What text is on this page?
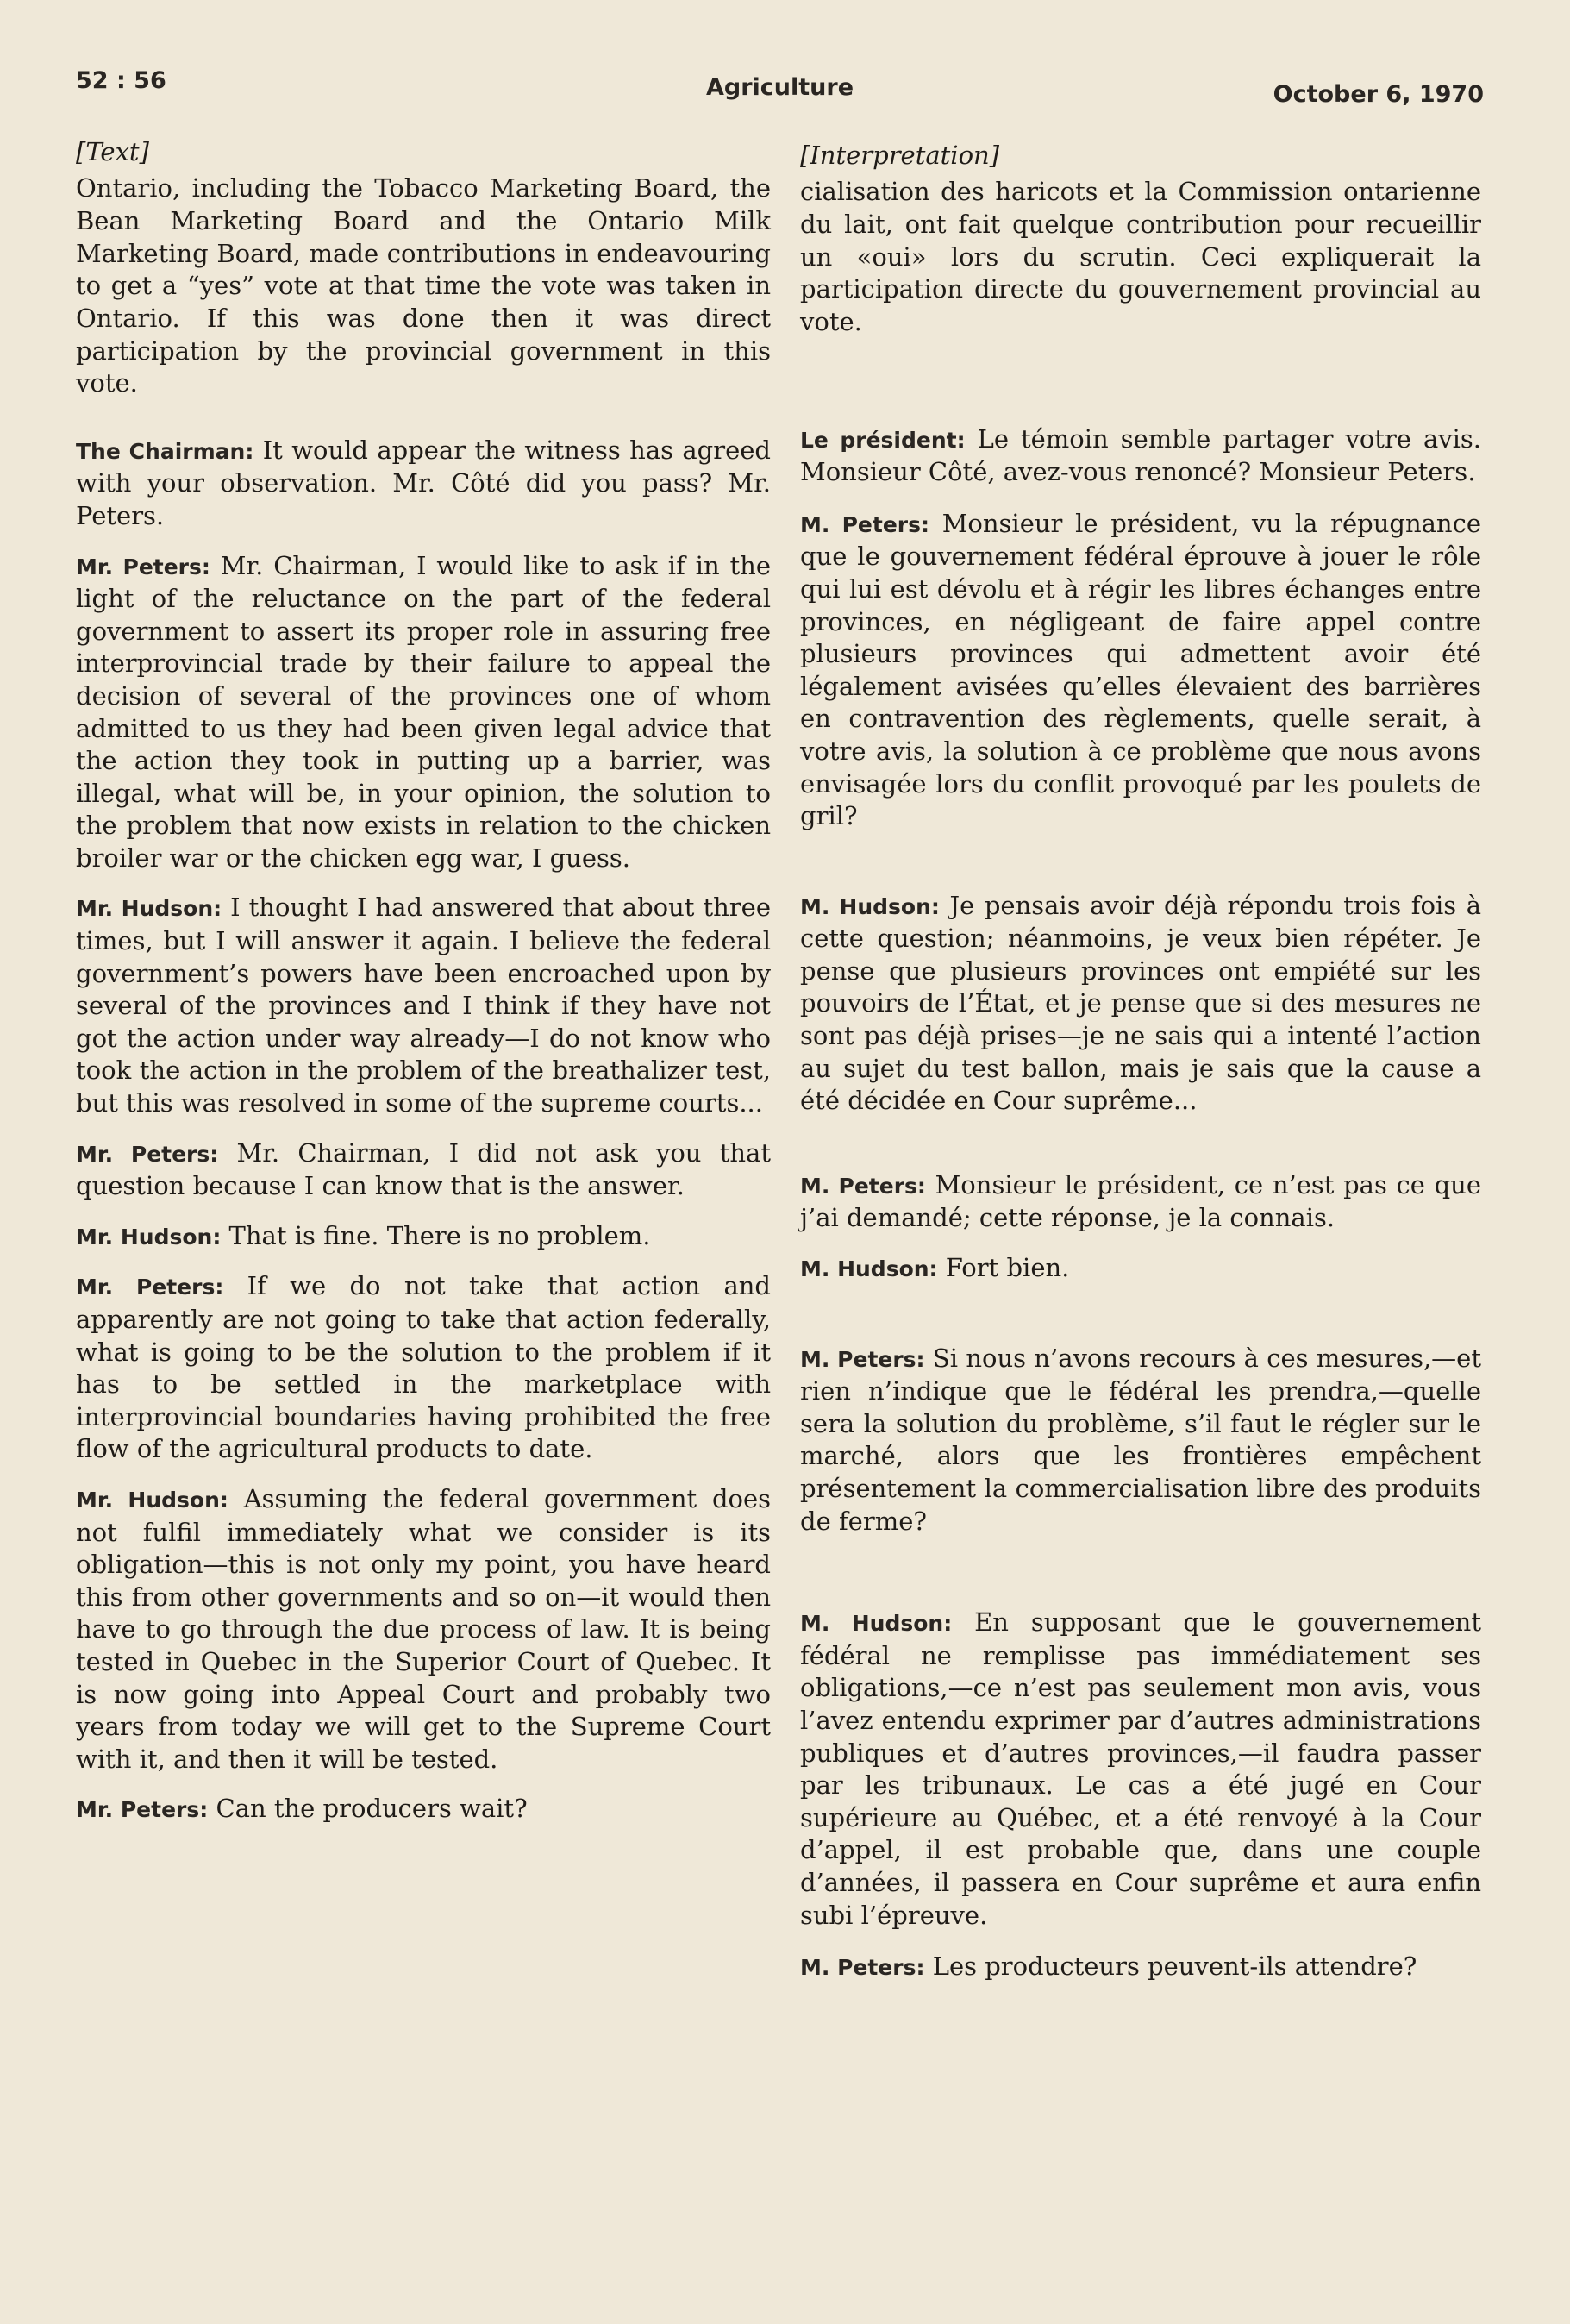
52 : 56	Agriculture	October 6, 1970
[Text]

Ontario, including the Tobacco Marketing Board, the Bean Marketing Board and the Ontario Milk Marketing Board, made contributions in endeavouring to get a “yes” vote at that time the vote was taken in Ontario. If this was done then it was direct participation by the provincial government in this vote.

The Chairman: It would appear the witness has agreed with your observation. Mr. Côté did you pass? Mr. Peters.

Mr. Peters: Mr. Chairman, I would like to ask if in the light of the reluctance on the part of the federal government to assert its proper role in assuring free interprovincial trade by their failure to appeal the decision of several of the provinces one of whom admitted to us they had been given legal advice that the action they took in putting up a barrier, was illegal, what will be, in your opinion, the solution to the problem that now exists in relation to the chicken broiler war or the chicken egg war, I guess.

Mr. Hudson: I thought I had answered that about three times, but I will answer it again. I believe the federal government’s powers have been encroached upon by several of the provinces and I think if they have not got the action under way already—I do not know who took the action in the problem of the breathalizer test, but this was resolved in some of the supreme courts...

Mr. Peters: Mr. Chairman, I did not ask you that question because I can know that is the answer.

Mr. Hudson: That is fine. There is no problem.

Mr. Peters: If we do not take that action and apparently are not going to take that action federally, what is going to be the solution to the problem if it has to be settled in the marketplace with interprovincial boundaries having prohibited the free flow of the agricultural products to date.

Mr. Hudson: Assuming the federal government does not fulfil immediately what we consider is its obligation—this is not only my point, you have heard this from other governments and so on—it would then have to go through the due process of law. It is being tested in Quebec in the Superior Court of Quebec. It is now going into Appeal Court and probably two years from today we will get to the Supreme Court with it, and then it will be tested.

Mr. Peters: Can the producers wait?

[Interpretation]

cialisation des haricots et la Commission ontarienne du lait, ont fait quelque contribution pour recueillir un «oui» lors du scrutin. Ceci expliquerait la participation directe du gouvernement provincial au vote.

Le président: Le témoin semble partager votre avis. Monsieur Côté, avez-vous renoncé? Monsieur Peters.

M. Peters: Monsieur le président, vu la répugnance que le gouvernement fédéral éprouve à jouer le rôle qui lui est dévolu et à régir les libres échanges entre provinces, en négligeant de faire appel contre plusieurs provinces qui admettent avoir été légalement avisées qu’elles élevaient des barrières en contravention des règlements, quelle serait, à votre avis, la solution à ce problème que nous avons envisagée lors du conflit provoqué par les poulets de gril?

M. Hudson: Je pensais avoir déjà répondu trois fois à cette question; néanmoins, je veux bien répéter. Je pense que plusieurs provinces ont empiété sur les pouvoirs de l’État, et je pense que si des mesures ne sont pas déjà prises—je ne sais qui a intenté l’action au sujet du test ballon, mais je sais que la cause a été décidée en Cour suprême...

M. Peters: Monsieur le président, ce n’est pas ce que j’ai demandé; cette réponse, je la connais.

M. Hudson: Fort bien.

M. Peters: Si nous n’avons recours à ces mesures,—et rien n’indique que le fédéral les prendra,—quelle sera la solution du problème, s’il faut le régler sur le marché, alors que les frontières empêchent présentement la commercialisation libre des produits de ferme?

M. Hudson: En supposant que le gouvernement fédéral ne remplisse pas immédiatement ses obligations,—ce n’est pas seulement mon avis, vous l’avez entendu exprimer par d’autres administrations publiques et d’autres provinces,—il faudra passer par les tribunaux. Le cas a été jugé en Cour supérieure au Québec, et a été renvoyé à la Cour d’appel, il est probable que, dans une couple d’années, il passera en Cour suprême et aura enfin subi l’épreuve.

M. Peters: Les producteurs peuvent-ils attendre?
